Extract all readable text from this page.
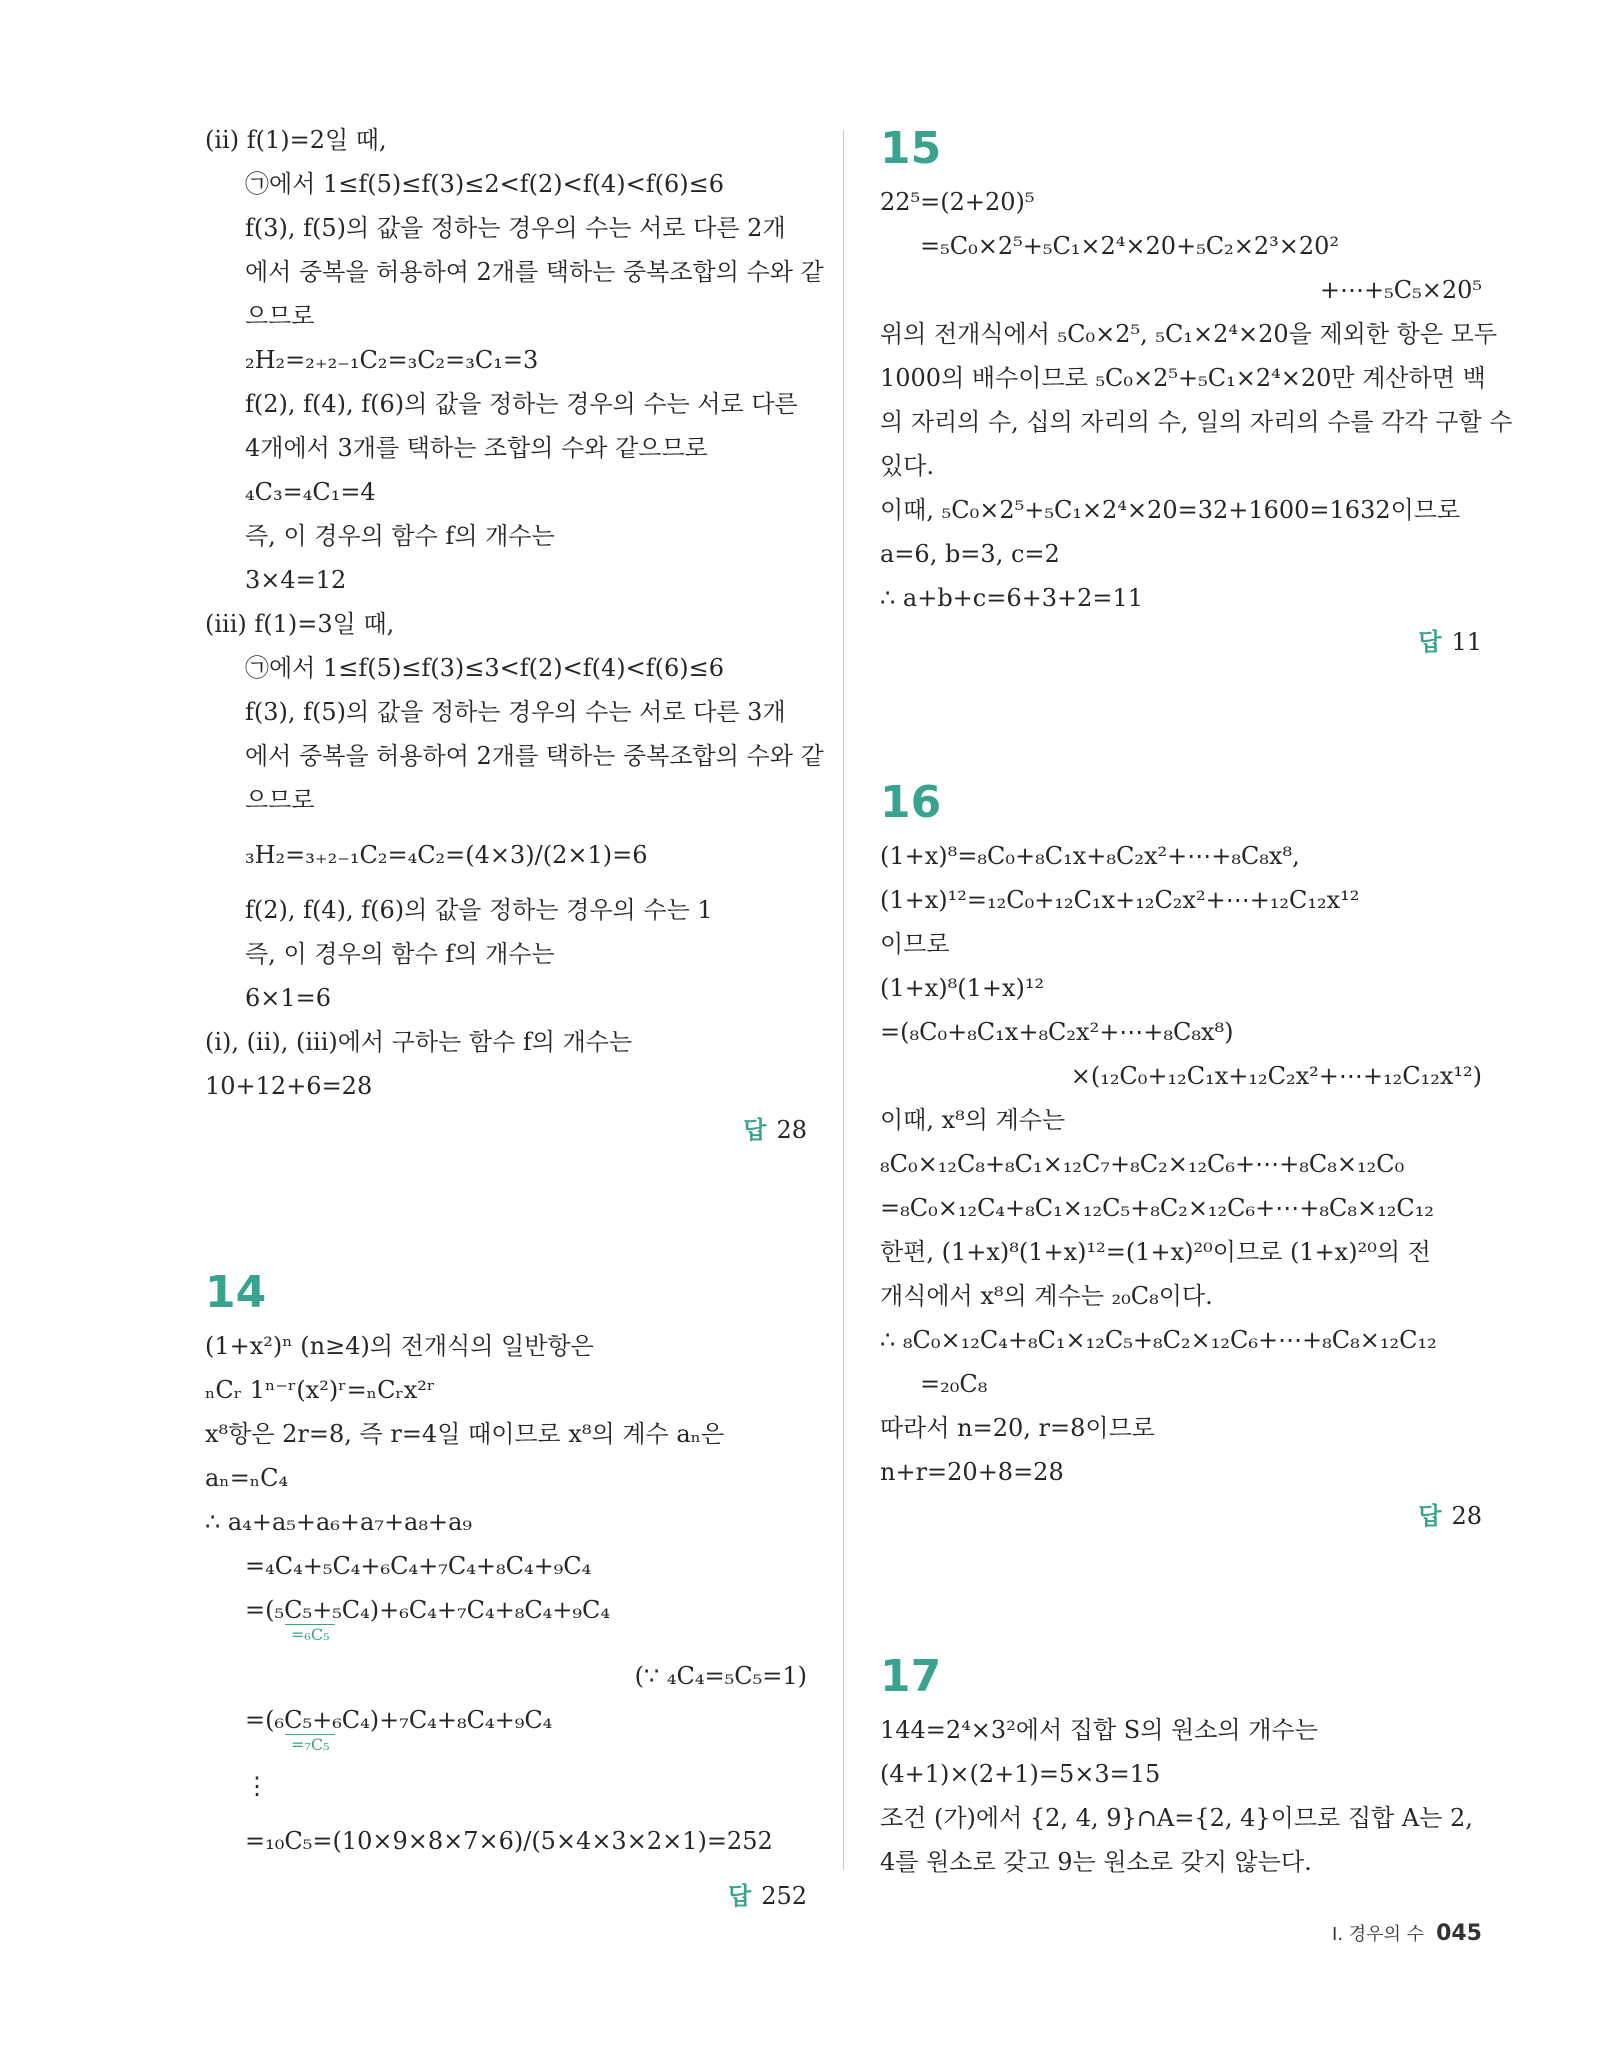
(ii) f(1)=2일 때,
㉠에서 1≤f(5)≤f(3)≤2<f(2)<f(4)<f(6)≤6
f(3), f(5)의 값을 정하는 경우의 수는 서로 다른 2개
에서 중복을 허용하여 2개를 택하는 중복조합의 수와 같
으므로
₂H₂=₂₊₂₋₁C₂=₃C₂=₃C₁=3
f(2), f(4), f(6)의 값을 정하는 경우의 수는 서로 다른
4개에서 3개를 택하는 조합의 수와 같으므로
₄C₃=₄C₁=4
즉, 이 경우의 함수 f의 개수는
3×4=12
(iii) f(1)=3일 때,
㉠에서 1≤f(5)≤f(3)≤3<f(2)<f(4)<f(6)≤6
f(3), f(5)의 값을 정하는 경우의 수는 서로 다른 3개
에서 중복을 허용하여 2개를 택하는 중복조합의 수와 같
으므로
₃H₂=₃₊₂₋₁C₂=₄C₂=(4×3)/(2×1)=6
f(2), f(4), f(6)의 값을 정하는 경우의 수는 1
즉, 이 경우의 함수 f의 개수는
6×1=6
(i), (ii), (iii)에서 구하는 함수 f의 개수는
10+12+6=28
답 28
14
(1+x²)ⁿ (n≥4)의 전개식의 일반항은
ₙCᵣ 1ⁿ⁻ʳ(x²)ʳ=ₙCᵣx²ʳ
x⁸항은 2r=8, 즉 r=4일 때이므로 x⁸의 계수 aₙ은
aₙ=ₙC₄
∴ a₄+a₅+a₆+a₇+a₈+a₉
=₄C₄+₅C₄+₆C₄+₇C₄+₈C₄+₉C₄
=(₅C₅+₅C₄)+₆C₄+₇C₄+₈C₄+₉C₄
=₆C₅
(∵ ₄C₄=₅C₅=1)
=(₆C₅+₆C₄)+₇C₄+₈C₄+₉C₄
=₇C₅
⋮
=₁₀C₅=(10×9×8×7×6)/(5×4×3×2×1)=252
답 252
15
22⁵=(2+20)⁵
=₅C₀×2⁵+₅C₁×2⁴×20+₅C₂×2³×20²
+⋯+₅C₅×20⁵
위의 전개식에서 ₅C₀×2⁵, ₅C₁×2⁴×20을 제외한 항은 모두
1000의 배수이므로 ₅C₀×2⁵+₅C₁×2⁴×20만 계산하면 백
의 자리의 수, 십의 자리의 수, 일의 자리의 수를 각각 구할 수
있다.
이때, ₅C₀×2⁵+₅C₁×2⁴×20=32+1600=1632이므로
a=6, b=3, c=2
∴ a+b+c=6+3+2=11
답 11
16
(1+x)⁸=₈C₀+₈C₁x+₈C₂x²+⋯+₈C₈x⁸,
(1+x)¹²=₁₂C₀+₁₂C₁x+₁₂C₂x²+⋯+₁₂C₁₂x¹²
이므로
(1+x)⁸(1+x)¹²
=(₈C₀+₈C₁x+₈C₂x²+⋯+₈C₈x⁸)
×(₁₂C₀+₁₂C₁x+₁₂C₂x²+⋯+₁₂C₁₂x¹²)
이때, x⁸의 계수는
₈C₀×₁₂C₈+₈C₁×₁₂C₇+₈C₂×₁₂C₆+⋯+₈C₈×₁₂C₀
=₈C₀×₁₂C₄+₈C₁×₁₂C₅+₈C₂×₁₂C₆+⋯+₈C₈×₁₂C₁₂
한편, (1+x)⁸(1+x)¹²=(1+x)²⁰이므로 (1+x)²⁰의 전
개식에서 x⁸의 계수는 ₂₀C₈이다.
∴ ₈C₀×₁₂C₄+₈C₁×₁₂C₅+₈C₂×₁₂C₆+⋯+₈C₈×₁₂C₁₂
=₂₀C₈
따라서 n=20, r=8이므로
n+r=20+8=28
답 28
17
144=2⁴×3²에서 집합 S의 원소의 개수는
(4+1)×(2+1)=5×3=15
조건 (가)에서 {2, 4, 9}∩A={2, 4}이므로 집합 A는 2,
4를 원소로 갖고 9는 원소로 갖지 않는다.
I. 경우의 수 045
